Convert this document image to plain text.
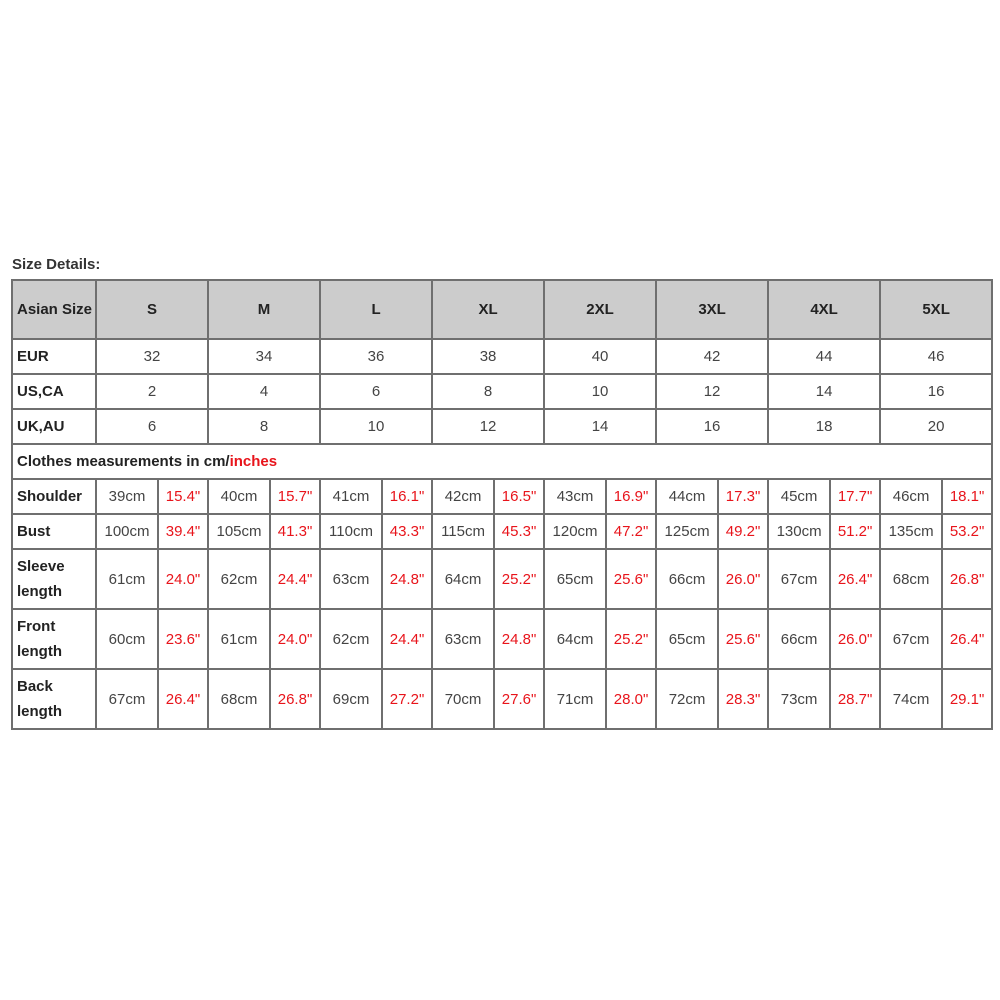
Size Details:
Asian Size	S		M		L		XL		2XL		3XL		4XL		5XL	
EUR	32		34		36		38		40		42		44		46	
US,CA	2		4		6		8		10		12		14		16	
UK,AU	6		8		10		12		14		16		18		20	
Clothes measurements in cm/inches																
Shoulder	39cm	15.4"	40cm	15.7"	41cm	16.1"	42cm	16.5"	43cm	16.9"	44cm	17.3"	45cm	17.7"	46cm	18.1"
Bust	100cm	39.4"	105cm	41.3"	110cm	43.3"	115cm	45.3"	120cm	47.2"	125cm	49.2"	130cm	51.2"	135cm	53.2"
Sleeve length	61cm	24.0"	62cm	24.4"	63cm	24.8"	64cm	25.2"	65cm	25.6"	66cm	26.0"	67cm	26.4"	68cm	26.8"
Front length	60cm	23.6"	61cm	24.0"	62cm	24.4"	63cm	24.8"	64cm	25.2"	65cm	25.6"	66cm	26.0"	67cm	26.4"
Back length	67cm	26.4"	68cm	26.8"	69cm	27.2"	70cm	27.6"	71cm	28.0"	72cm	28.3"	73cm	28.7"	74cm	29.1"
